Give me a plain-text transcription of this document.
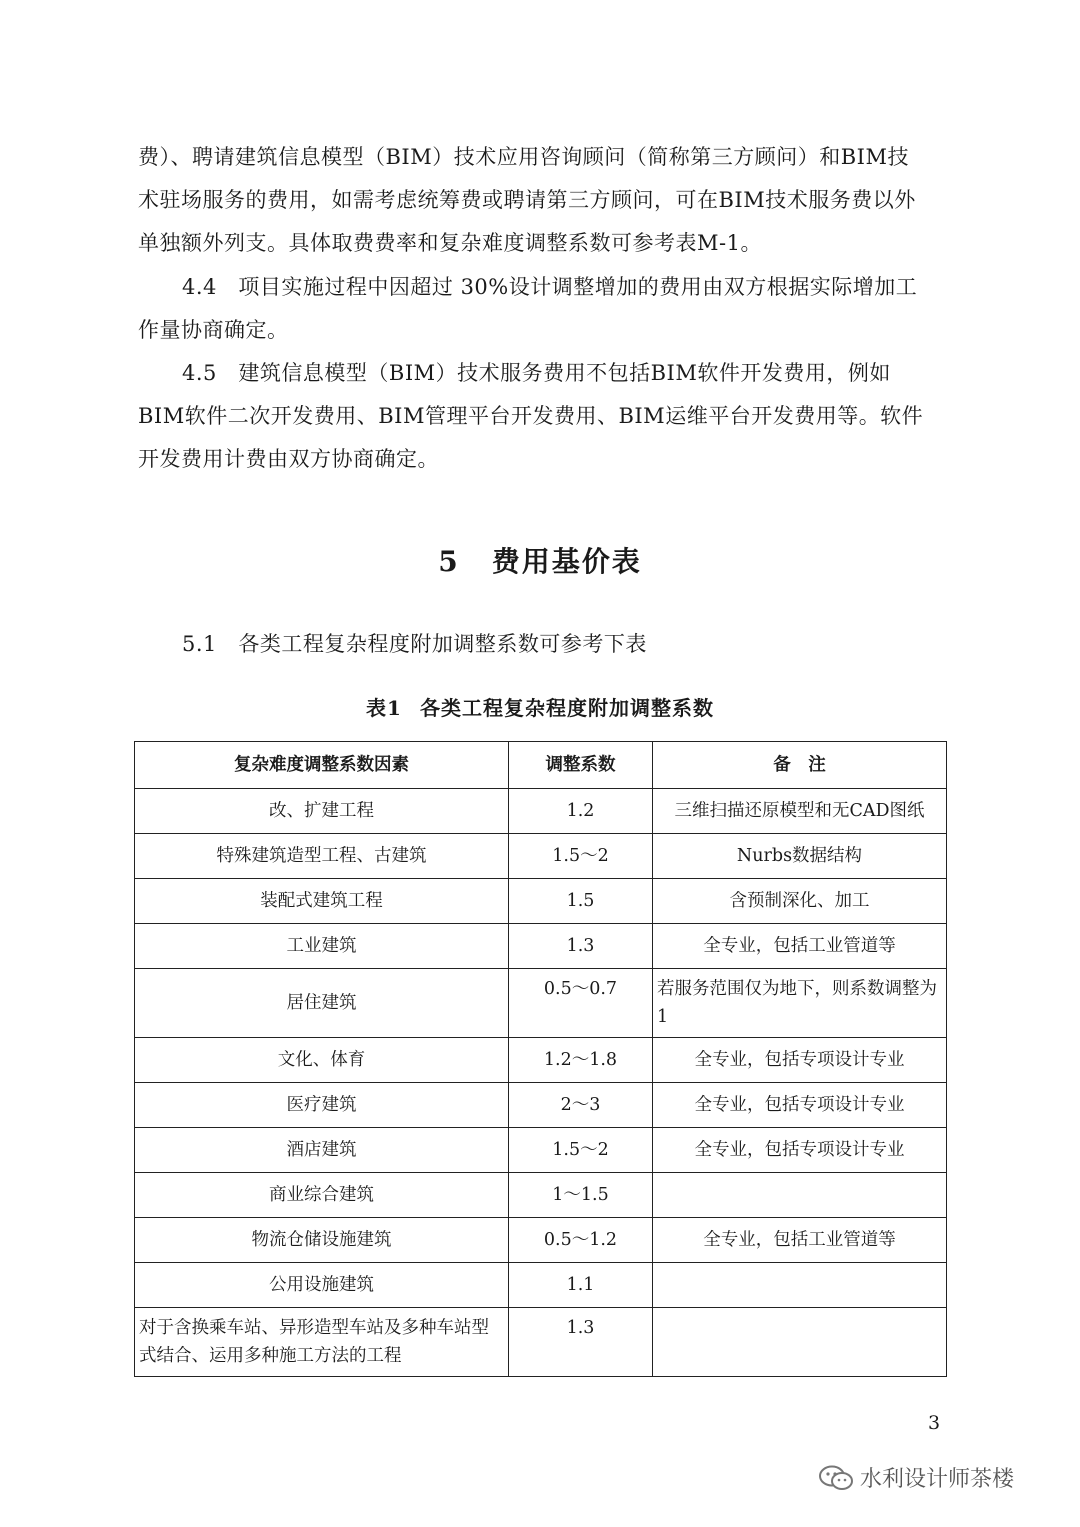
费）、聘请建筑信息模型（BIM）技术应用咨询顾问（简称第三方顾问）和BIM技术驻场服务的费用，如需考虑统筹费或聘请第三方顾问，可在BIM技术服务费以外单独额外列支。具体取费费率和复杂难度调整系数可参考表M-1。

4.4　项目实施过程中因超过 30%设计调整增加的费用由双方根据实际增加工作量协商确定。

4.5　建筑信息模型（BIM）技术服务费用不包括BIM软件开发费用，例如BIM软件二次开发费用、BIM管理平台开发费用、BIM运维平台开发费用等。软件开发费用计费由双方协商确定。

5 费用基价表
5.1　各类工程复杂程度附加调整系数可参考下表
表1 各类工程复杂程度附加调整系数
复杂难度调整系数因素	调整系数	备　注
改、扩建工程	1.2	三维扫描还原模型和无CAD图纸
特殊建筑造型工程、古建筑	1.5～2	Nurbs数据结构
装配式建筑工程	1.5	含预制深化、加工
工业建筑	1.3	全专业，包括工业管道等
居住建筑	0.5～0.7	若服务范围仅为地下，则系数调整为1
文化、体育	1.2～1.8	全专业，包括专项设计专业
医疗建筑	2～3	全专业，包括专项设计专业
酒店建筑	1.5～2	全专业，包括专项设计专业
商业综合建筑	1～1.5	
物流仓储设施建筑	0.5～1.2	全专业，包括工业管道等
公用设施建筑	1.1	
对于含换乘车站、异形造型车站及多种车站型式结合、运用多种施工方法的工程	1.3	
3
水利设计师茶楼
